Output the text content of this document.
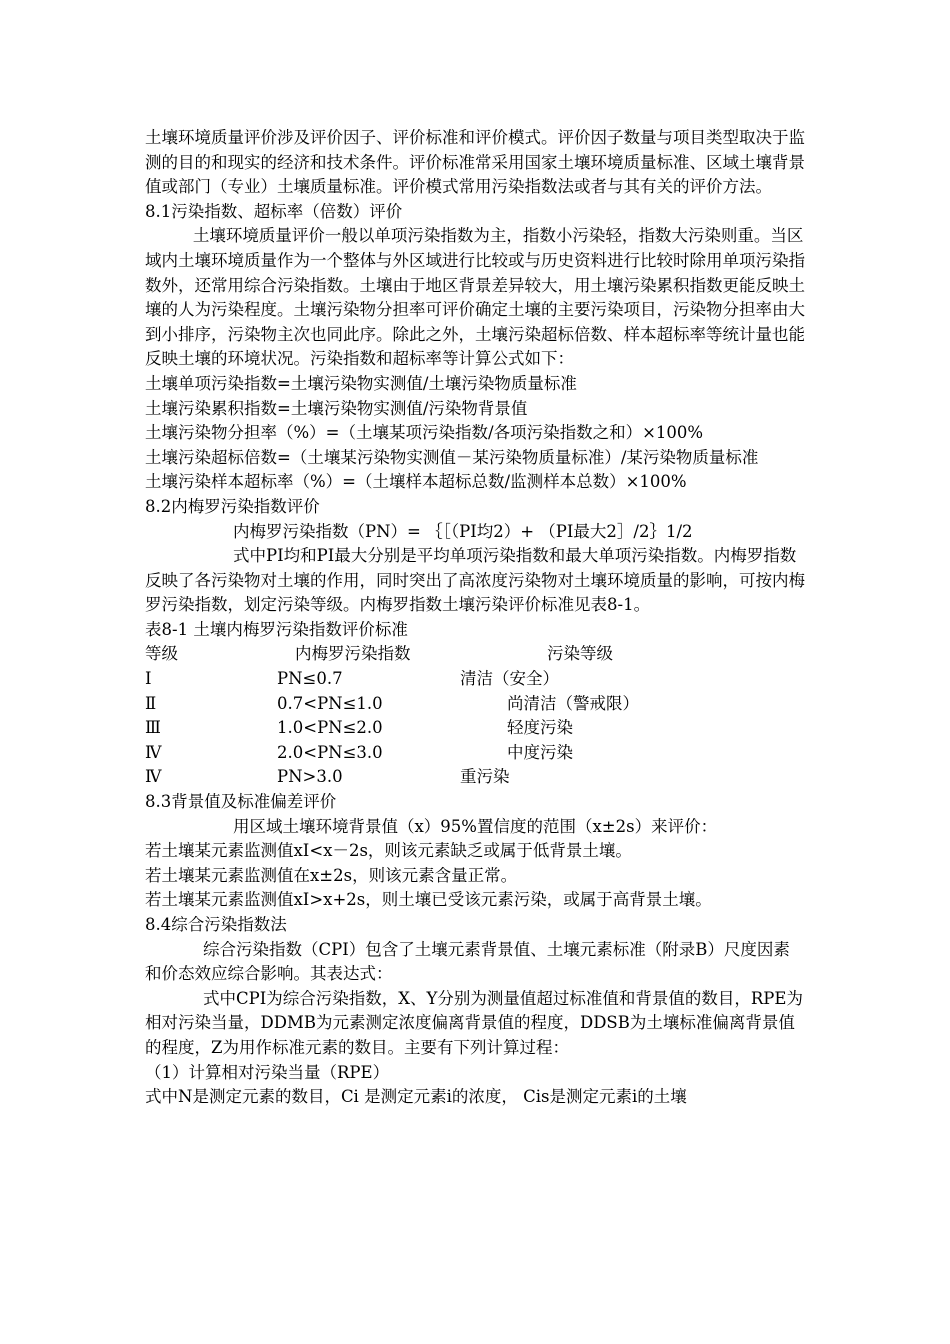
土壤环境质量评价涉及评价因子、评价标准和评价模式。评价因子数量与项目类型取决于监测的目的和现实的经济和技术条件。评价标准常采用国家土壤环境质量标准、区域土壤背景值或部门（专业）土壤质量标准。评价模式常用污染指数法或者与其有关的评价方法。

8.1污染指数、超标率（倍数）评价

土壤环境质量评价一般以单项污染指数为主，指数小污染轻，指数大污染则重。当区域内土壤环境质量作为一个整体与外区域进行比较或与历史资料进行比较时除用单项污染指数外，还常用综合污染指数。土壤由于地区背景差异较大，用土壤污染累积指数更能反映土壤的人为污染程度。土壤污染物分担率可评价确定土壤的主要污染项目，污染物分担率由大到小排序，污染物主次也同此序。除此之外，土壤污染超标倍数、样本超标率等统计量也能反映土壤的环境状况。污染指数和超标率等计算公式如下：

土壤单项污染指数=土壤污染物实测值/土壤污染物质量标准

土壤污染累积指数=土壤污染物实测值/污染物背景值

土壤污染物分担率（%）=（土壤某项污染指数/各项污染指数之和）×100%

土壤污染超标倍数=（土壤某污染物实测值－某污染物质量标准）/某污染物质量标准

土壤污染样本超标率（%）=（土壤样本超标总数/监测样本总数）×100%

8.2内梅罗污染指数评价

内梅罗污染指数（PN）= ｛［（PI均2）+ （PI最大2］/2｝1/2

式中PI均和PI最大分别是平均单项污染指数和最大单项污染指数。内梅罗指数反映了各污染物对土壤的作用，同时突出了高浓度污染物对土壤环境质量的影响，可按内梅罗污染指数，划定污染等级。内梅罗指数土壤污染评价标准见表8-1。

表8-1 土壤内梅罗污染指数评价标准

等级	内梅罗污染指数	污染等级
Ⅰ	PN≤0.7	清洁（安全）
Ⅱ	0.7<PN≤1.0	尚清洁（警戒限）
Ⅲ	1.0<PN≤2.0	轻度污染
Ⅳ	2.0<PN≤3.0	中度污染
Ⅳ	PN>3.0	重污染

8.3背景值及标准偏差评价

用区域土壤环境背景值（x）95%置信度的范围（x±2s）来评价：

若土壤某元素监测值xI<x－2s，则该元素缺乏或属于低背景土壤。

若土壤某元素监测值在x±2s，则该元素含量正常。

若土壤某元素监测值xI>x+2s，则土壤已受该元素污染，或属于高背景土壤。

8.4综合污染指数法

综合污染指数（CPI）包含了土壤元素背景值、土壤元素标准（附录B）尺度因素和价态效应综合影响。其表达式：

式中CPI为综合污染指数，X、Y分别为测量值超过标准值和背景值的数目，RPE为相对污染当量，DDMB为元素测定浓度偏离背景值的程度，DDSB为土壤标准偏离背景值的程度，Z为用作标准元素的数目。主要有下列计算过程：

（1）计算相对污染当量（RPE）

式中N是测定元素的数目，Ci 是测定元素i的浓度， Cis是测定元素i的土壤
